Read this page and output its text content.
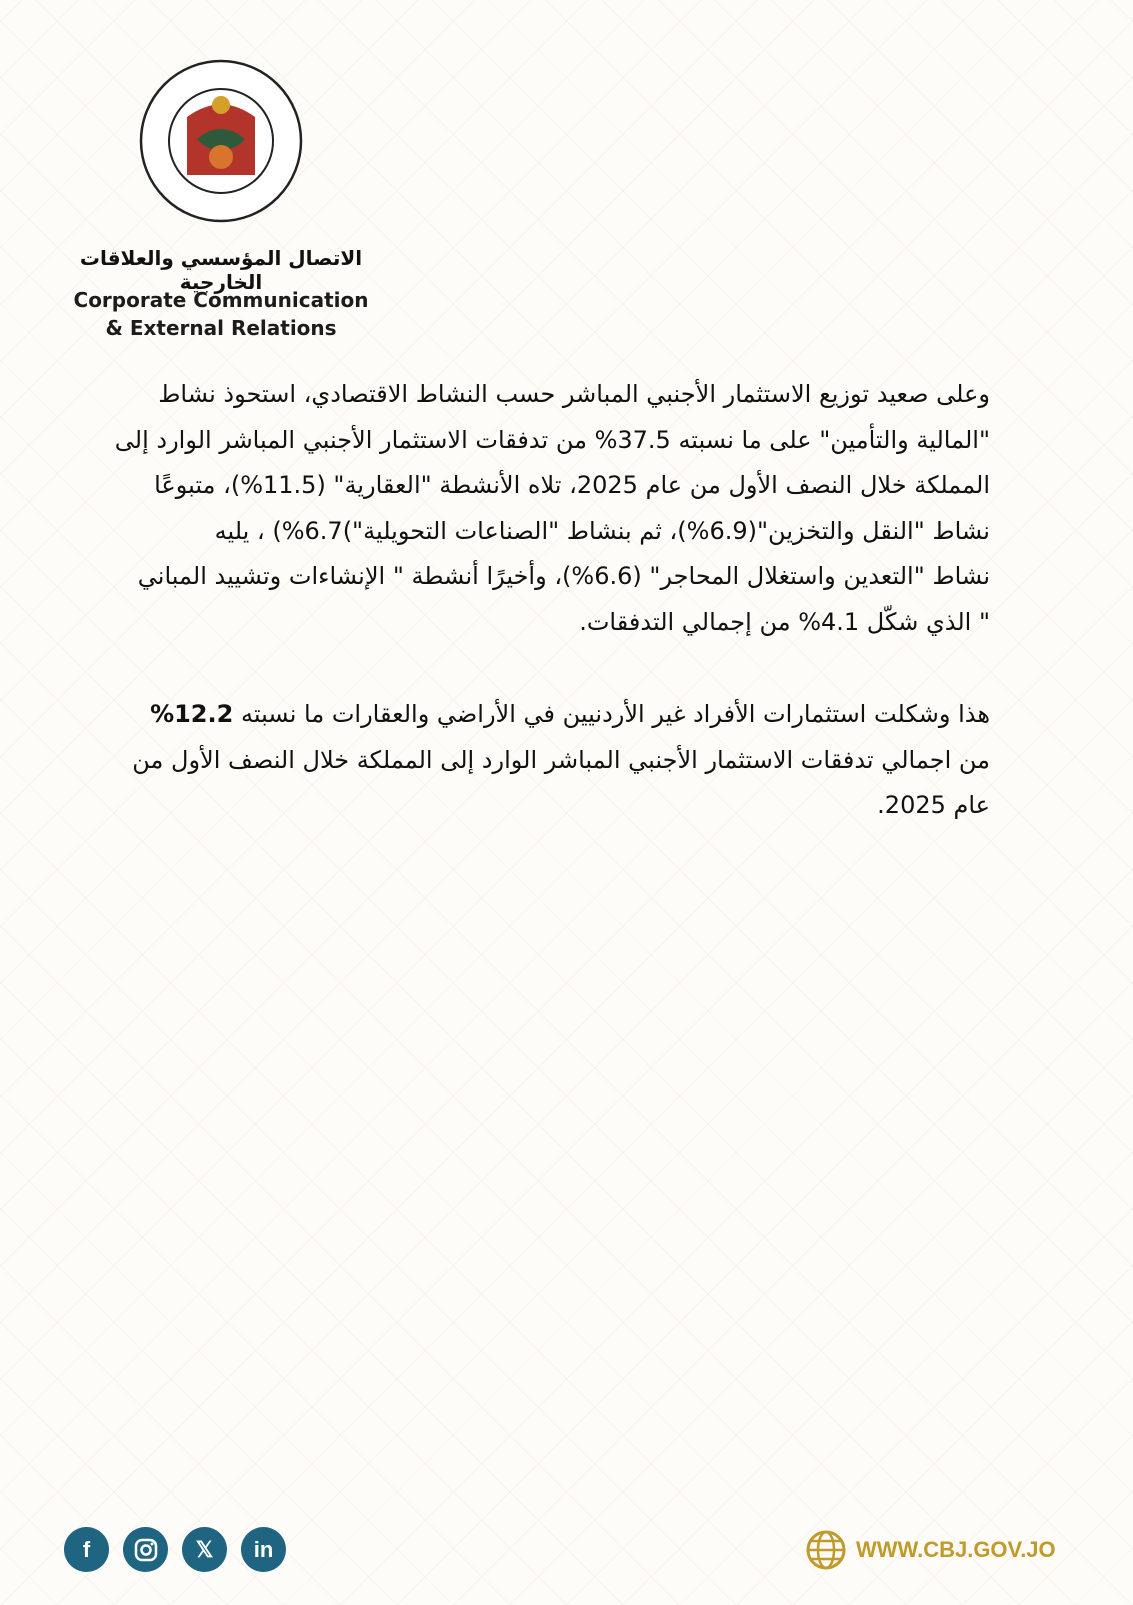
الاتصال المؤسسي والعلاقات الخارجية
Corporate Communication
& External Relations
وعلى صعيد توزيع الاستثمار الأجنبي المباشر حسب النشاط الاقتصادي، استحوذ نشاط
"المالية والتأمين" على ما نسبته 37.5% من تدفقات الاستثمار الأجنبي المباشر الوارد إلى
المملكة خلال النصف الأول من عام 2025، تلاه الأنشطة "العقارية" (11.5%)، متبوعًا
نشاط "النقل والتخزين"(6.9%)، ثم بنشاط "الصناعات التحويلية")6.7%) ، يليه
نشاط "التعدين واستغلال المحاجر" (6.6%)، وأخيرًا أنشطة " الإنشاءات وتشييد المباني
" الذي شكّل 4.1% من إجمالي التدفقات.
هذا وشكلت استثمارات الأفراد غير الأردنيين في الأراضي والعقارات ما نسبته 12.2%
من اجمالي تدفقات الاستثمار الأجنبي المباشر الوارد إلى المملكة خلال النصف الأول من
عام 2025.
f	𝕏	in	WWW.CBJ.GOV.JO
